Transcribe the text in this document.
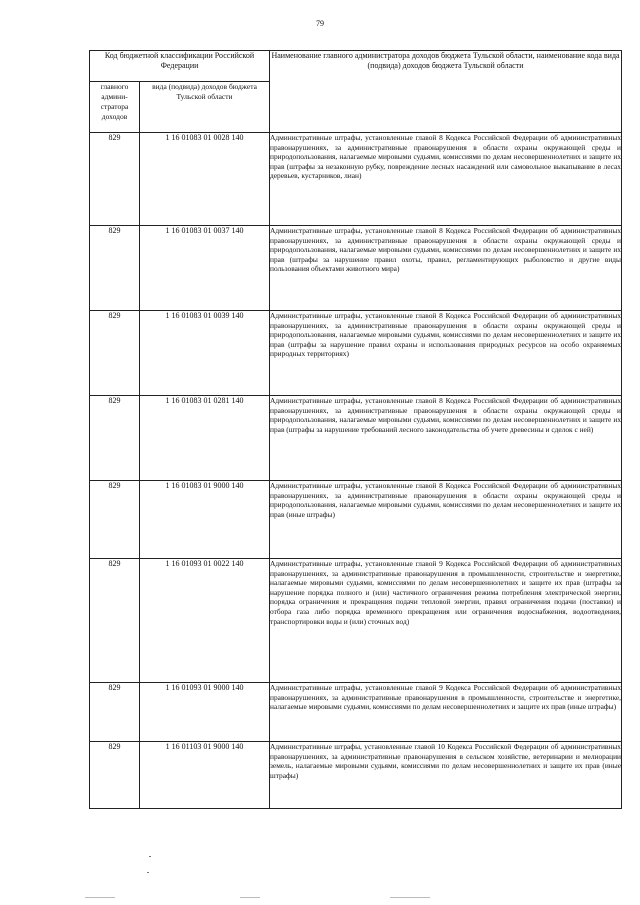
79
Код бюджетной классификации Российской Федерации		Наименование главного администратора доходов бюджета Тульской области, наименование кода вида (подвида) доходов бюджета Тульской области
главного админи-стратора доходов	вида (подвида) доходов бюджета Тульской области	
829	1 16 01083 01 0028 140	Административные штрафы, установленные главой 8 Кодекса Российской Федерации об административных правонарушениях, за административные правонарушения в области охраны окружающей среды и природопользования, налагаемые мировыми судьями, комиссиями по делам несовершеннолетних и защите их прав (штрафы за незаконную рубку, повреждение лесных насаждений или самовольное выкапывание в лесах деревьев, кустарников, лиан)
829	1 16 01083 01 0037 140	Административные штрафы, установленные главой 8 Кодекса Российской Федерации об административных правонарушениях, за административные правонарушения в области охраны окружающей среды и природопользования, налагаемые мировыми судьями, комиссиями по делам несовершеннолетних и защите их прав (штрафы за нарушение правил охоты, правил, регламентирующих рыболовство и другие виды пользования объектами животного мира)
829	1 16 01083 01 0039 140	Административные штрафы, установленные главой 8 Кодекса Российской Федерации об административных правонарушениях, за административные правонарушения в области охраны окружающей среды и природопользования, налагаемые мировыми судьями, комиссиями по делам несовершеннолетних и защите их прав (штрафы за нарушение правил охраны и использования природных ресурсов на особо охраняемых природных территориях)
829	1 16 01083 01 0281 140	Административные штрафы, установленные главой 8 Кодекса Российской Федерации об административных правонарушениях, за административные правонарушения в области охраны окружающей среды и природопользования, налагаемые мировыми судьями, комиссиями по делам несовершеннолетних и защите их прав (штрафы за нарушение требований лесного законодательства об учете древесины и сделок с ней)
829	1 16 01083 01 9000 140	Административные штрафы, установленные главой 8 Кодекса Российской Федерации об административных правонарушениях, за административные правонарушения в области охраны окружающей среды и природопользования, налагаемые мировыми судьями, комиссиями по делам несовершеннолетних и защите их прав (иные штрафы)
829	1 16 01093 01 0022 140	Административные штрафы, установленные главой 9 Кодекса Российской Федерации об административных правонарушениях, за административные правонарушения в промышленности, строительстве и энергетике, налагаемые мировыми судьями, комиссиями по делам несовершеннолетних и защите их прав (штрафы за нарушение порядка полного и (или) частичного ограничения режима потребления электрической энергии, порядка ограничения и прекращения подачи тепловой энергии, правил ограничения подачи (поставки) и отбора газа либо порядка временного прекращения или ограничения водоснабжения, водоотведения, транспортировки воды и (или) сточных вод)
829	1 16 01093 01 9000 140	Административные штрафы, установленные главой 9 Кодекса Российской Федерации об административных правонарушениях, за административные правонарушения в промышленности, строительстве и энергетике, налагаемые мировыми судьями, комиссиями по делам несовершеннолетних и защите их прав (иные штрафы)
829	1 16 01103 01 9000 140	Административные штрафы, установленные главой 10 Кодекса Российской Федерации об административных правонарушениях, за административные правонарушения в сельском хозяйстве, ветеринарии и мелиорации земель, налагаемые мировыми судьями, комиссиями по делам несовершеннолетних и защите их прав (иные штрафы)
